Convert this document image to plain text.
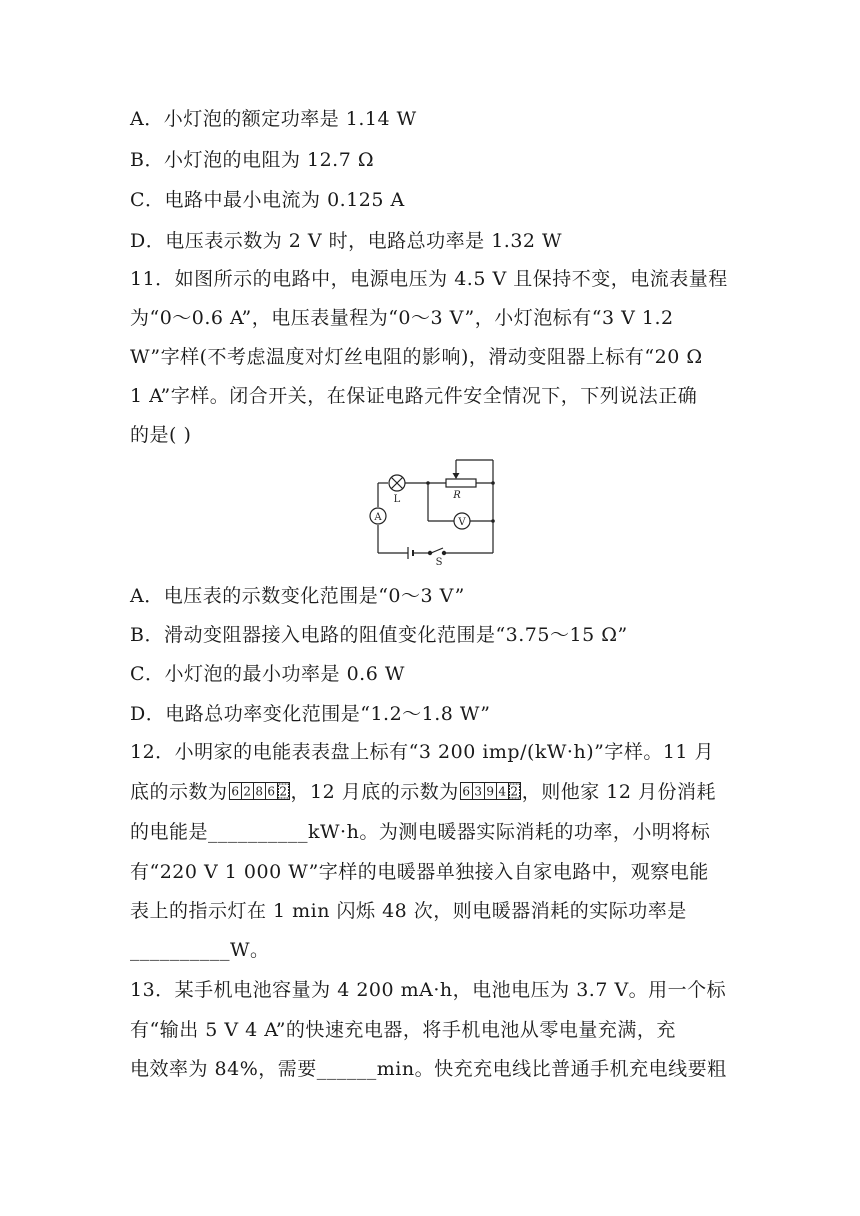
A．小灯泡的额定功率是 1.14 W
B．小灯泡的电阻为 12.7 Ω
C．电路中最小电流为 0.125 A
D．电压表示数为 2 V 时，电路总功率是 1.32 W
11．如图所示的电路中，电源电压为 4.5 V 且保持不变，电流表量程
为“0～0.6 A”，电压表量程为“0～3 V”，小灯泡标有“3 V 1.2
W”字样(不考虑温度对灯丝电阻的影响)，滑动变阻器上标有“20 Ω
1 A”字样。闭合开关，在保证电路元件安全情况下，下列说法正确
的是( )
L	R
A	V
S
A．电压表的示数变化范围是“0～3 V”
B．滑动变阻器接入电路的阻值变化范围是“3.75～15 Ω”
C．小灯泡的最小功率是 0.6 W
D．电路总功率变化范围是“1.2～1.8 W”
12．小明家的电能表表盘上标有“3 200 imp/(kW·h)”字样。11 月
底的示数为 6 2 8 6 2 ，12 月底的示数为 6 3 9 4 2 ，则他家 12 月份消耗
的电能是__________kW·h。为测电暖器实际消耗的功率，小明将标
有“220 V 1 000 W”字样的电暖器单独接入自家电路中，观察电能
表上的指示灯在 1 min 闪烁 48 次，则电暖器消耗的实际功率是
__________W。
13．某手机电池容量为 4 200 mA·h，电池电压为 3.7 V。用一个标
有“输出 5 V 4 A”的快速充电器，将手机电池从零电量充满，充
电效率为 84%，需要______min。快充充电线比普通手机充电线要粗
